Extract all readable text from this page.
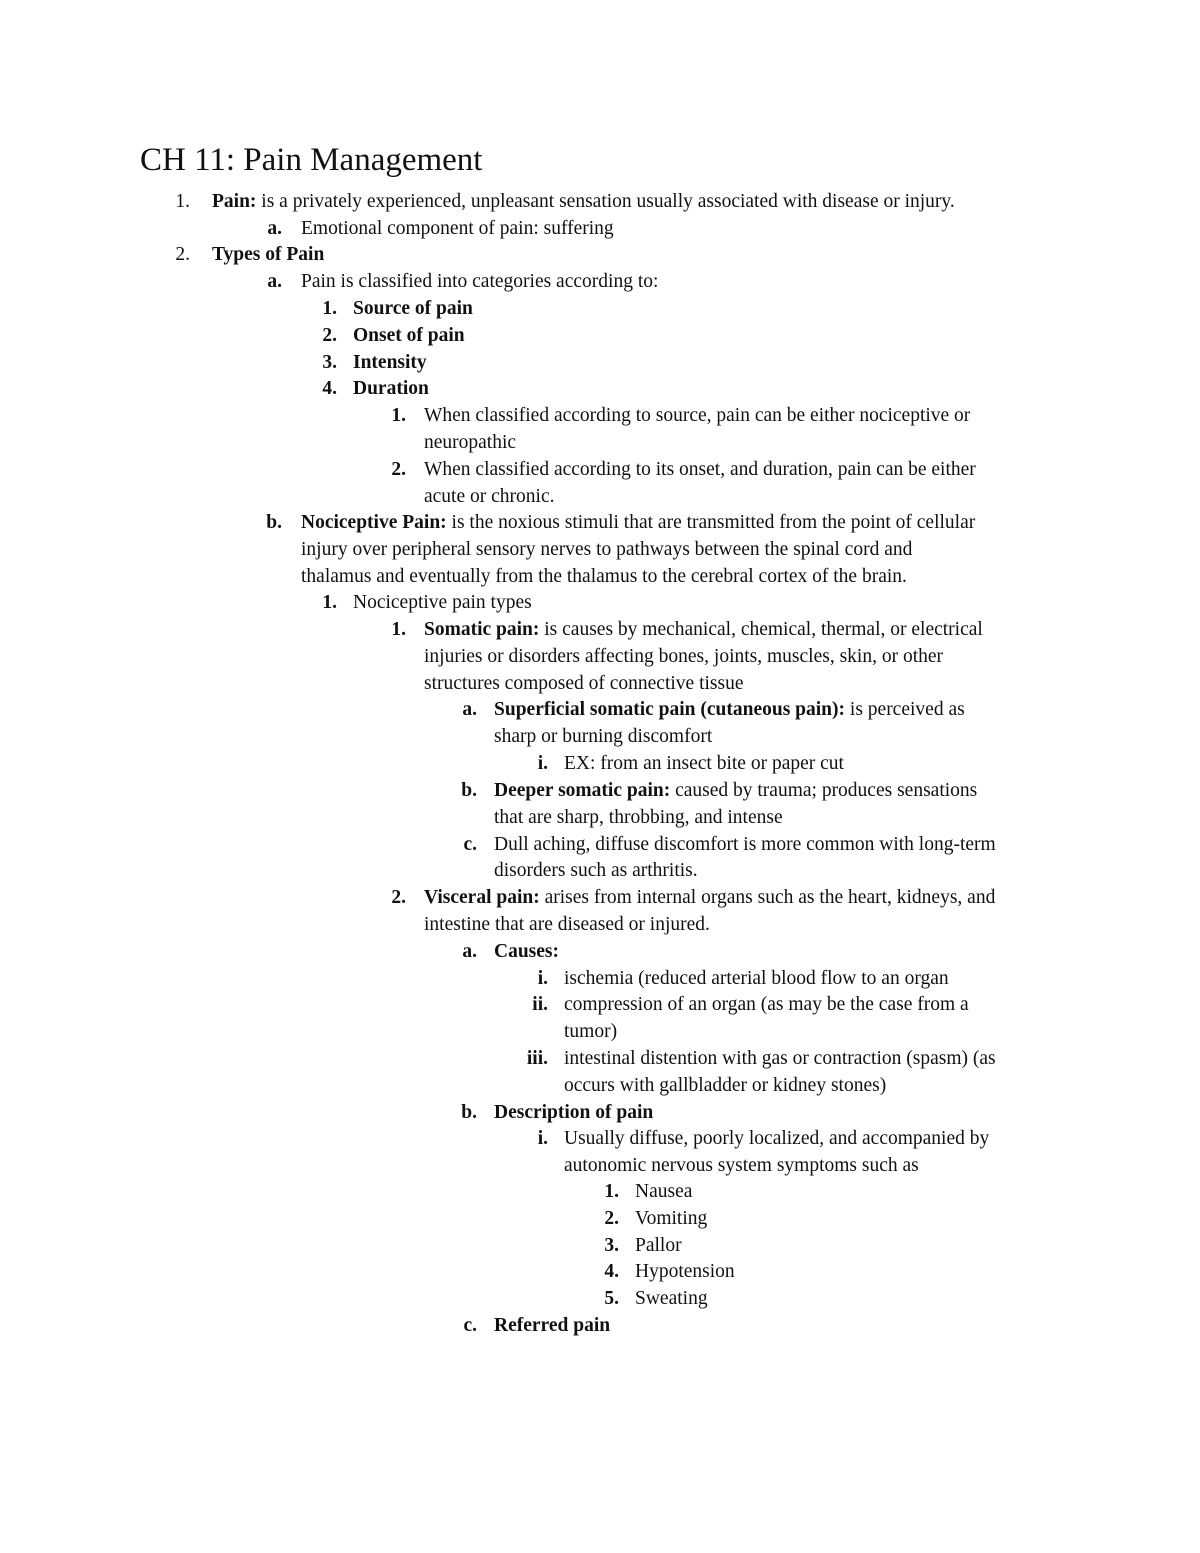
CH 11: Pain Management
1. Pain: is a privately experienced, unpleasant sensation usually associated with disease or injury.
a. Emotional component of pain: suffering
2. Types of Pain
a. Pain is classified into categories according to:
1. Source of pain
2. Onset of pain
3. Intensity
4. Duration
1. When classified according to source, pain can be either nociceptive or
neuropathic
2. When classified according to its onset, and duration, pain can be either
acute or chronic.
b. Nociceptive Pain: is the noxious stimuli that are transmitted from the point of cellular
injury over peripheral sensory nerves to pathways between the spinal cord and
thalamus and eventually from the thalamus to the cerebral cortex of the brain.
1. Nociceptive pain types
1. Somatic pain: is causes by mechanical, chemical, thermal, or electrical
injuries or disorders affecting bones, joints, muscles, skin, or other
structures composed of connective tissue
a. Superficial somatic pain (cutaneous pain): is perceived as
sharp or burning discomfort
i. EX: from an insect bite or paper cut
b. Deeper somatic pain: caused by trauma; produces sensations
that are sharp, throbbing, and intense
c. Dull aching, diffuse discomfort is more common with long-term
disorders such as arthritis.
2. Visceral pain: arises from internal organs such as the heart, kidneys, and
intestine that are diseased or injured.
a. Causes:
i. ischemia (reduced arterial blood flow to an organ
ii. compression of an organ (as may be the case from a
tumor)
iii. intestinal distention with gas or contraction (spasm) (as
occurs with gallbladder or kidney stones)
b. Description of pain
i. Usually diffuse, poorly localized, and accompanied by
autonomic nervous system symptoms such as
1. Nausea
2. Vomiting
3. Pallor
4. Hypotension
5. Sweating
c. Referred pain
